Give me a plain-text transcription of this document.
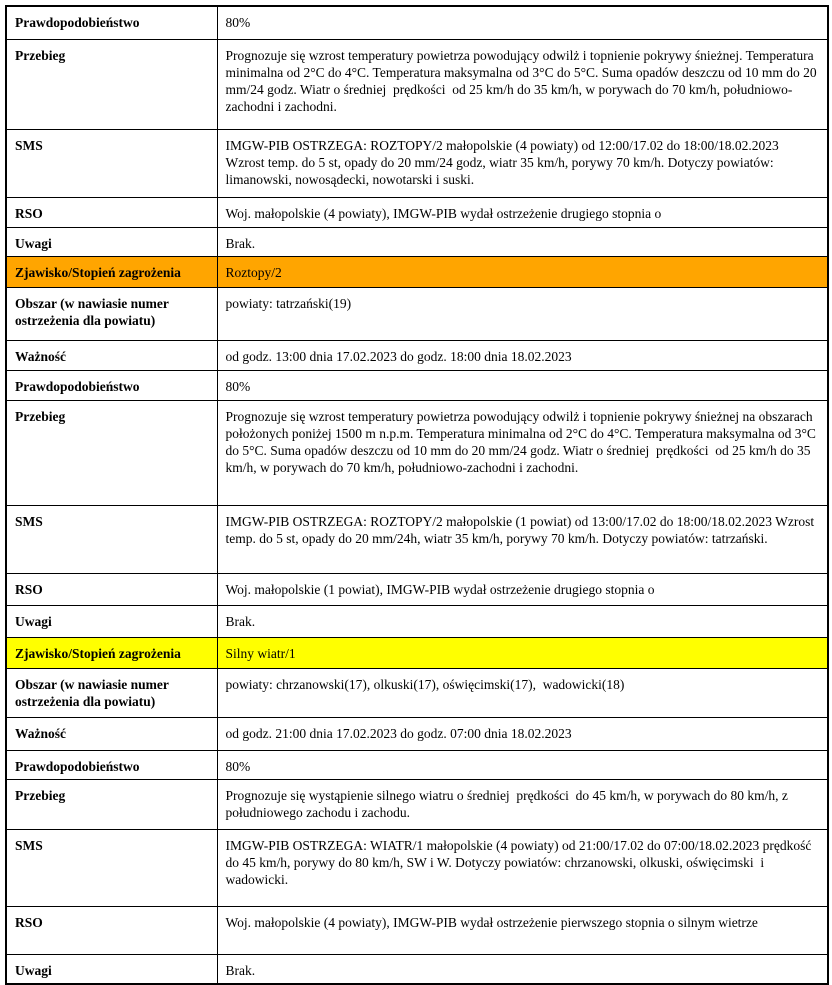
Prawdopodobieństwo	80%
Przebieg	Prognozuje się wzrost temperatury powietrza powodujący odwilż i topnienie pokrywy śnieżnej. Temperatura minimalna od 2°C do 4°C. Temperatura maksymalna od 3°C do 5°C. Suma opadów deszczu od 10 mm do 20 mm/24 godz. Wiatr o średniej  prędkości  od 25 km/h do 35 km/h, w porywach do 70 km/h, południowo-zachodni i zachodni.
SMS	IMGW-PIB OSTRZEGA: ROZTOPY/2 małopolskie (4 powiaty) od 12:00/17.02 do 18:00/18.02.2023 Wzrost temp. do 5 st, opady do 20 mm/24 godz, wiatr 35 km/h, porywy 70 km/h. Dotyczy powiatów: limanowski, nowosądecki, nowotarski i suski.
RSO	Woj. małopolskie (4 powiaty), IMGW-PIB wydał ostrzeżenie drugiego stopnia o
Uwagi	Brak.
Zjawisko/Stopień zagrożenia	Roztopy/2
Obszar (w nawiasie numer ostrzeżenia dla powiatu)	powiaty: tatrzański(19)
Ważność	od godz. 13:00 dnia 17.02.2023 do godz. 18:00 dnia 18.02.2023
Prawdopodobieństwo	80%
Przebieg	Prognozuje się wzrost temperatury powietrza powodujący odwilż i topnienie pokrywy śnieżnej na obszarach położonych poniżej 1500 m n.p.m. Temperatura minimalna od 2°C do 4°C. Temperatura maksymalna od 3°C do 5°C. Suma opadów deszczu od 10 mm do 20 mm/24 godz. Wiatr o średniej  prędkości  od 25 km/h do 35 km/h, w porywach do 70 km/h, południowo-zachodni i zachodni.
SMS	IMGW-PIB OSTRZEGA: ROZTOPY/2 małopolskie (1 powiat) od 13:00/17.02 do 18:00/18.02.2023 Wzrost temp. do 5 st, opady do 20 mm/24h, wiatr 35 km/h, porywy 70 km/h. Dotyczy powiatów: tatrzański.
RSO	Woj. małopolskie (1 powiat), IMGW-PIB wydał ostrzeżenie drugiego stopnia o
Uwagi	Brak.
Zjawisko/Stopień zagrożenia	Silny wiatr/1
Obszar (w nawiasie numer ostrzeżenia dla powiatu)	powiaty: chrzanowski(17), olkuski(17), oświęcimski(17),  wadowicki(18)
Ważność	od godz. 21:00 dnia 17.02.2023 do godz. 07:00 dnia 18.02.2023
Prawdopodobieństwo	80%
Przebieg	Prognozuje się wystąpienie silnego wiatru o średniej  prędkości  do 45 km/h, w porywach do 80 km/h, z południowego zachodu i zachodu.
SMS	IMGW-PIB OSTRZEGA: WIATR/1 małopolskie (4 powiaty) od 21:00/17.02 do 07:00/18.02.2023 prędkość   do 45 km/h, porywy do 80 km/h, SW i W. Dotyczy powiatów: chrzanowski, olkuski, oświęcimski  i wadowicki.
RSO	Woj. małopolskie (4 powiaty), IMGW-PIB wydał ostrzeżenie pierwszego stopnia o silnym wietrze
Uwagi	Brak.
